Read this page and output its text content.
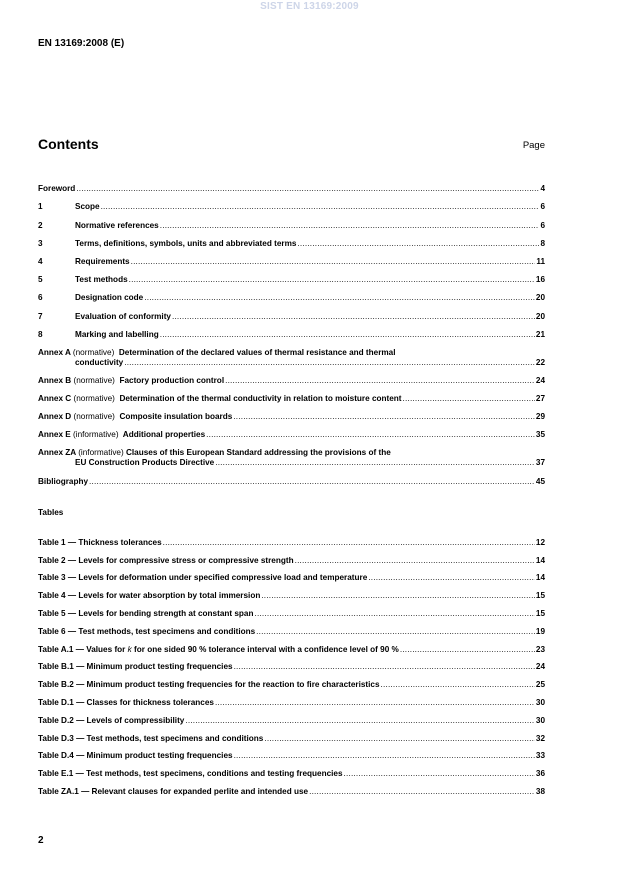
SIST EN 13169:2009
EN 13169:2008 (E)
Contents	Page
Foreword .....	4
1	Scope .....	6
2	Normative references .....	6
3	Terms, definitions, symbols, units and abbreviated terms .....	8
4	Requirements .....	11
5	Test methods .....	16
6	Designation code .....	20
7	Evaluation of conformity .....	20
8	Marking and labelling .....	21
Annex A (normative) Determination of the declared values of thermal resistance and thermal
conductivity .....	22
Annex B (normative) Factory production control .....	24
Annex C (normative) Determination of the thermal conductivity in relation to moisture content .....	27
Annex D (normative) Composite insulation boards .....	29
Annex E (informative) Additional properties .....	35
Annex ZA (informative) Clauses of this European Standard addressing the provisions of the
EU Construction Products Directive .....	37
Bibliography .....	45
Tables
Table 1 — Thickness tolerances .....	12
Table 2 — Levels for compressive stress or compressive strength .....	14
Table 3 — Levels for deformation under specified compressive load and temperature .....	14
Table 4 — Levels for water absorption by total immersion .....	15
Table 5 — Levels for bending strength at constant span .....	15
Table 6 — Test methods, test specimens and conditions .....	19
Table A.1 — Values for k for one sided 90 % tolerance interval with a confidence level of 90 % .....	23
Table B.1 — Minimum product testing frequencies .....	24
Table B.2 — Minimum product testing frequencies for the reaction to fire characteristics .....	25
Table D.1 — Classes for thickness tolerances .....	30
Table D.2 — Levels of compressibility .....	30
Table D.3 — Test methods, test specimens and conditions .....	32
Table D.4 — Minimum product testing frequencies .....	33
Table E.1 — Test methods, test specimens, conditions and testing frequencies .....	36
Table ZA.1 — Relevant clauses for expanded perlite and intended use .....	38
2
